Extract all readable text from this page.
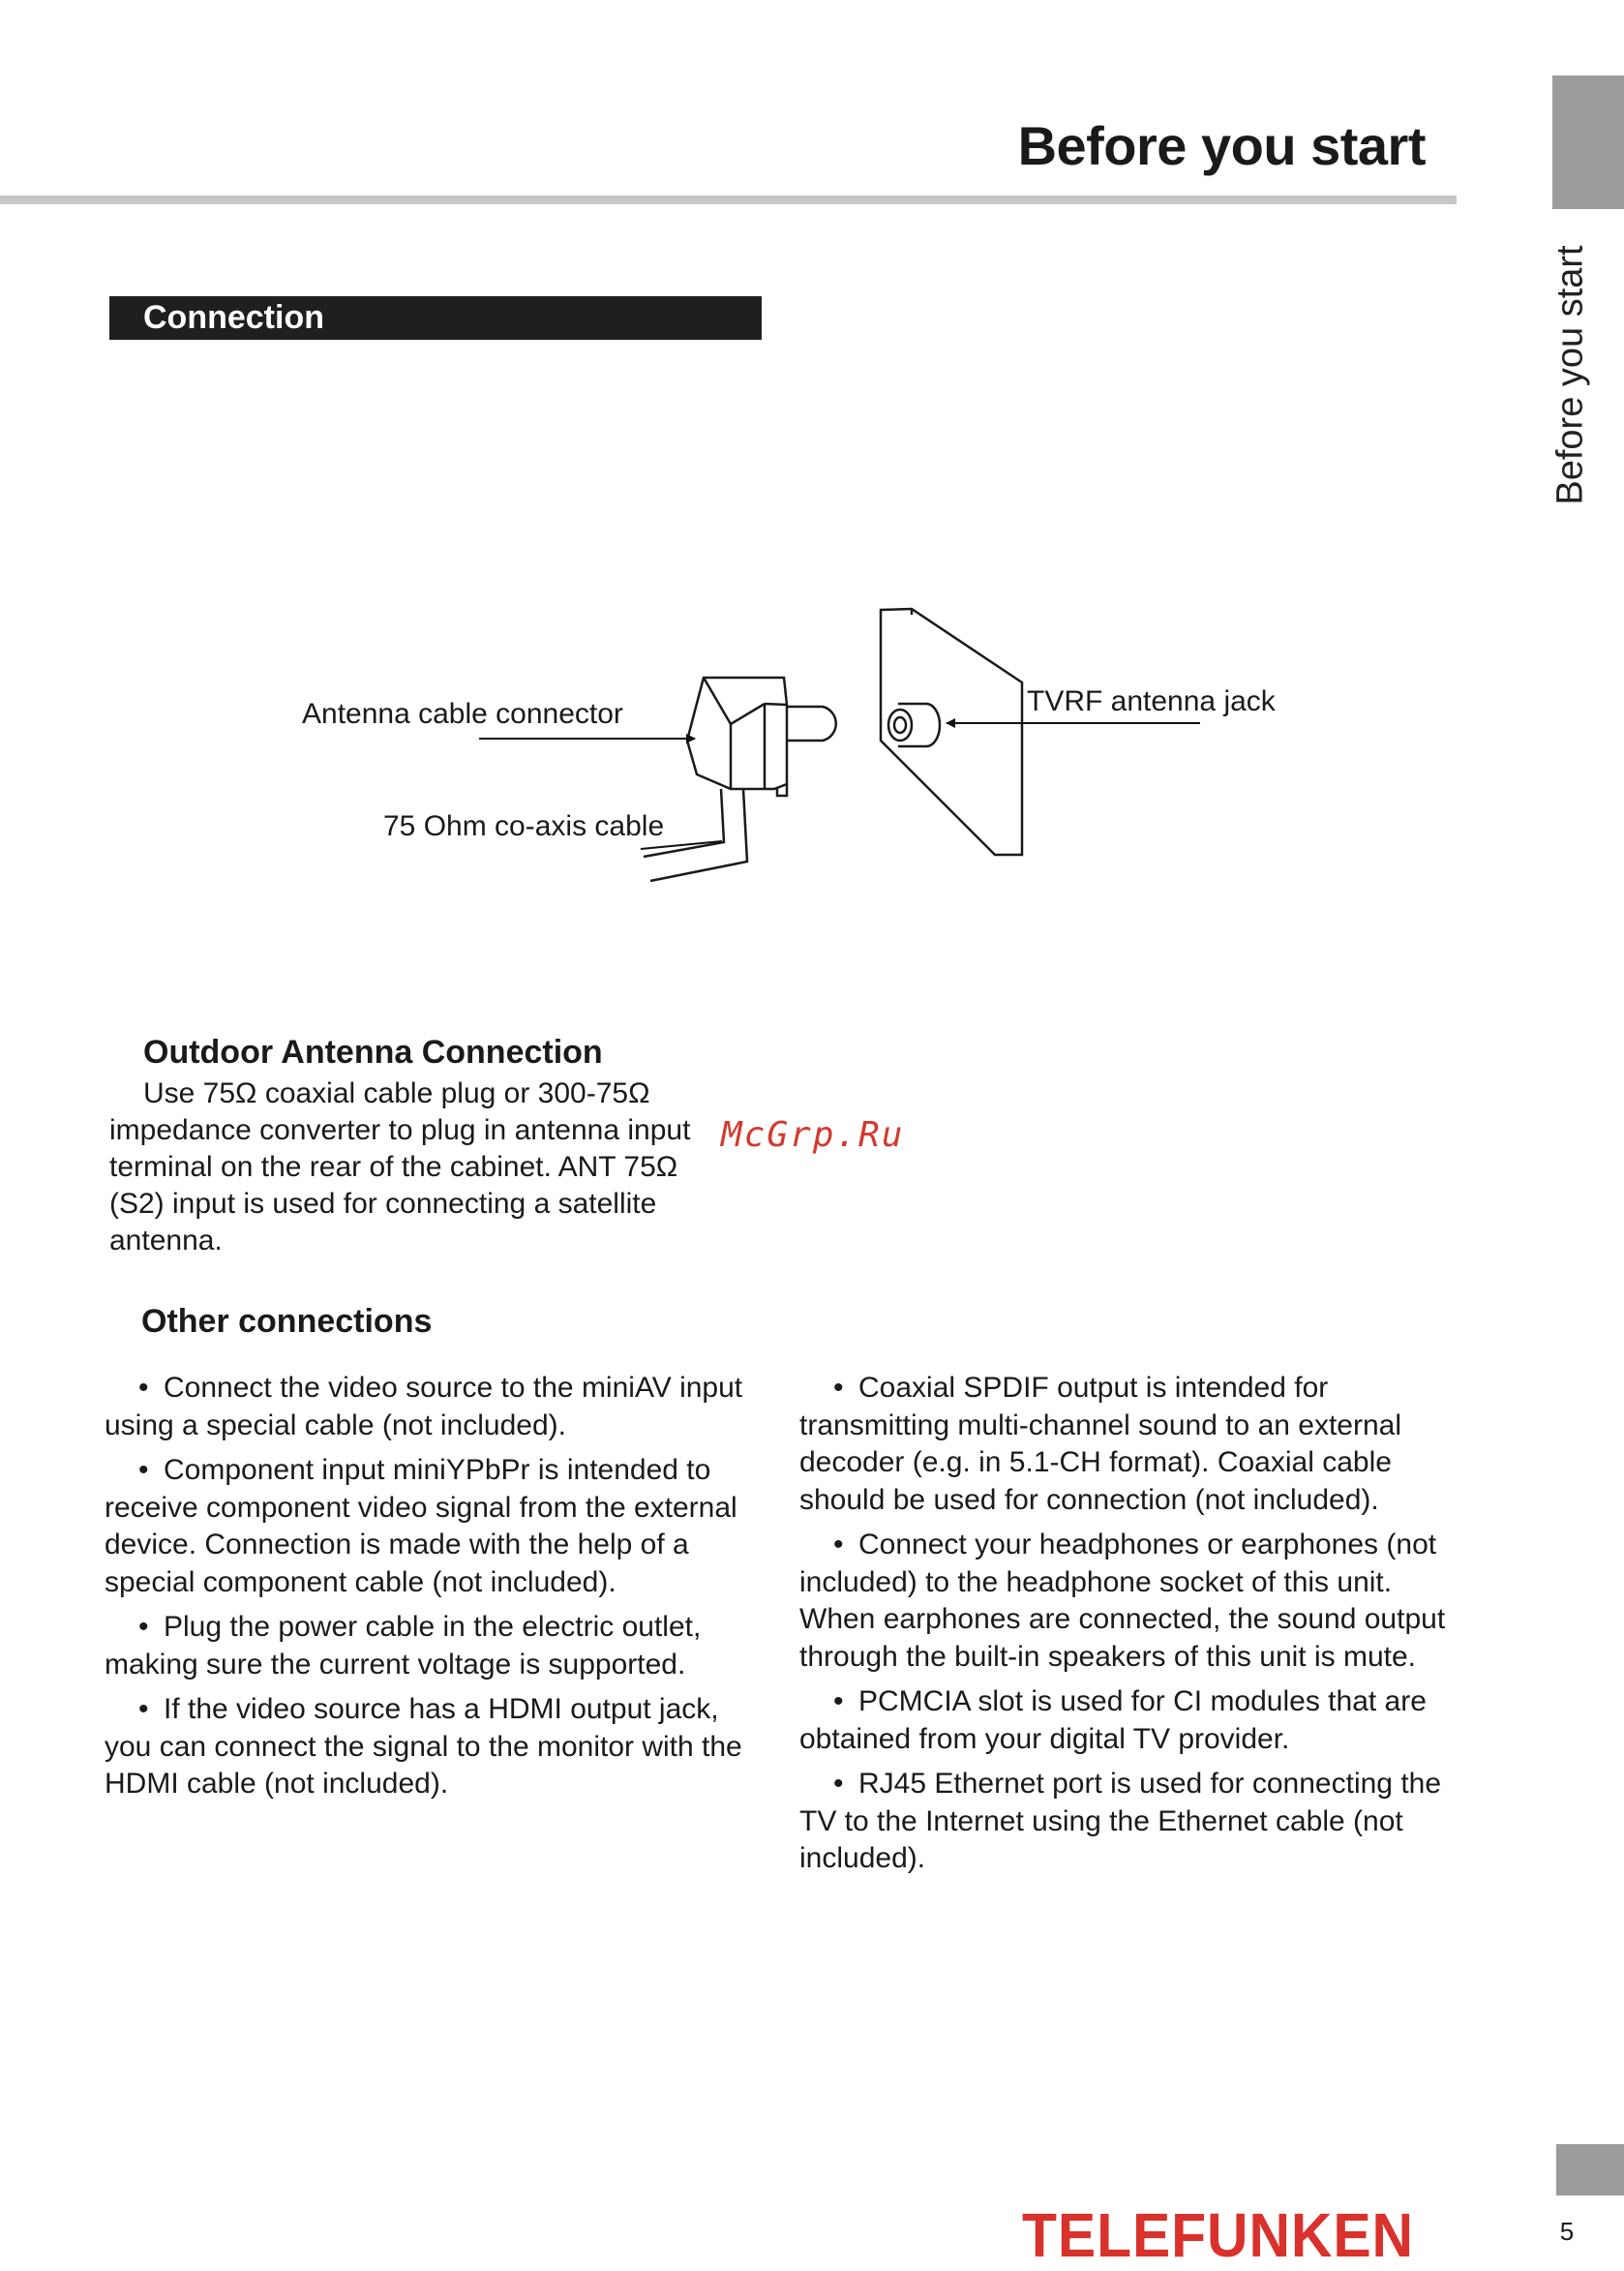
Before you start
Before you start
Connection
Antenna cable connector
75 Ohm co-axis cable
TVRF antenna jack
Outdoor Antenna Connection

Use 75Ω coaxial cable plug or 300-75Ω

impedance converter to plug in antenna input

terminal on the rear of the cabinet. ANT 75Ω

(S2) input is used for connecting a satellite

antenna.

McGrp.Ru
Other connections

• Connect the video source to the miniAV input using a special cable (not included).

• Component input miniYPbPr is intended to receive component video signal from the external device. Connection is made with the help of a special component cable (not included).

• Plug the power cable in the electric outlet, making sure the current voltage is supported.

• If the video source has a HDMI output jack, you can connect the signal to the monitor with the HDMI cable (not included).

• Coaxial SPDIF output is intended for transmitting multi-channel sound to an external decoder (e.g. in 5.1-CH format). Coaxial cable should be used for connection (not included).

• Connect your headphones or earphones (not included) to the headphone socket of this unit. When earphones are connected, the sound output through the built-in speakers of this unit is mute.

• PCMCIA slot is used for CI modules that are obtained from your digital TV provider.

• RJ45 Ethernet port is used for connecting the TV to the Internet using the Ethernet cable (not included).

TELEFUNKEN	5
